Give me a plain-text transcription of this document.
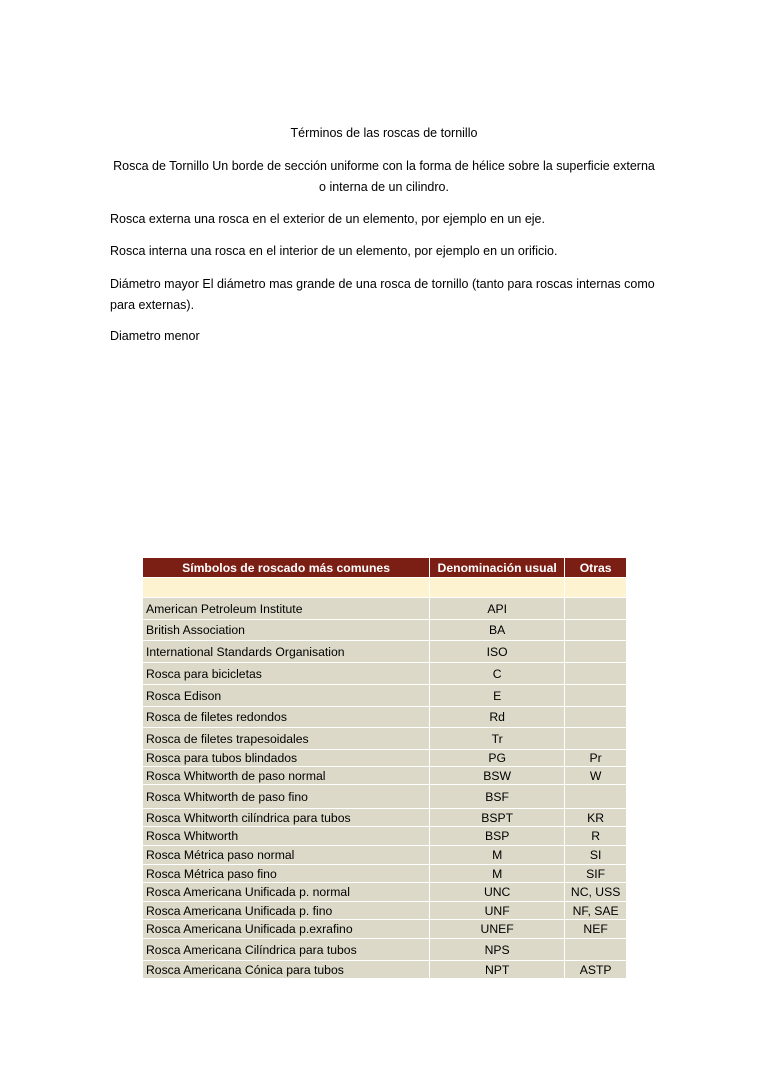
Términos de las roscas de tornillo
Rosca de Tornillo Un borde de sección uniforme con la forma de hélice sobre la superficie externa o interna de un cilindro.
Rosca externa una rosca en el exterior de un elemento, por ejemplo en un eje.
Rosca interna una rosca en el interior de un elemento, por ejemplo en un orificio.
Diámetro mayor El diámetro mas grande de una rosca de tornillo (tanto para roscas internas como para externas).
Diametro menor
Símbolos de roscado más comunes	Denominación usual	Otras

American Petroleum Institute	API	
British Association	BA	
International Standards Organisation	ISO	
Rosca para bicicletas	C	
Rosca Edison	E	
Rosca de filetes redondos	Rd	
Rosca de filetes trapesoidales	Tr	
Rosca para tubos blindados	PG	Pr
Rosca Whitworth de paso normal	BSW	W
Rosca Whitworth de paso fino	BSF	
Rosca Whitworth cilíndrica para tubos	BSPT	KR
Rosca Whitworth	BSP	R
Rosca Métrica paso normal	M	SI
Rosca Métrica paso fino	M	SIF
Rosca Americana Unificada p. normal	UNC	NC, USS
Rosca Americana Unificada p. fino	UNF	NF, SAE
Rosca Americana Unificada p.exrafino	UNEF	NEF
Rosca Americana Cilíndrica para tubos	NPS	
Rosca Americana Cónica para tubos	NPT	ASTP
